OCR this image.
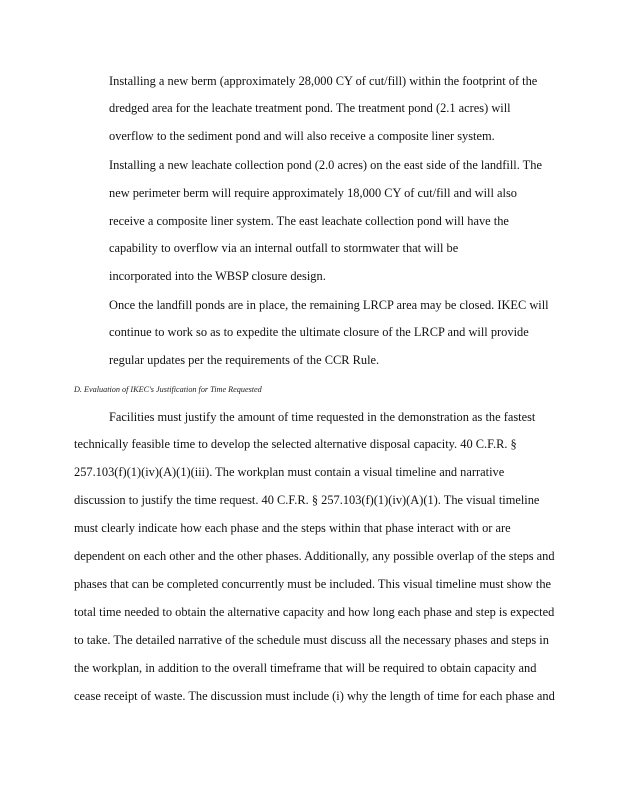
Installing a new berm (approximately 28,000 CY of cut/fill) within the footprint of the
dredged area for the leachate treatment pond. The treatment pond (2.1 acres) will
overflow to the sediment pond and will also receive a composite liner system.
Installing a new leachate collection pond (2.0 acres) on the east side of the landfill. The
new perimeter berm will require approximately 18,000 CY of cut/fill and will also
receive a composite liner system. The east leachate collection pond will have the
capability to overflow via an internal outfall to stormwater that will be
incorporated into the WBSP closure design.
Once the landfill ponds are in place, the remaining LRCP area may be closed. IKEC will
continue to work so as to expedite the ultimate closure of the LRCP and will provide
regular updates per the requirements of the CCR Rule.
D. Evaluation of IKEC's Justification for Time Requested
Facilities must justify the amount of time requested in the demonstration as the fastest
technically feasible time to develop the selected alternative disposal capacity. 40 C.F.R. §
257.103(f)(1)(iv)(A)(1)(iii). The workplan must contain a visual timeline and narrative
discussion to justify the time request. 40 C.F.R. § 257.103(f)(1)(iv)(A)(1). The visual timeline
must clearly indicate how each phase and the steps within that phase interact with or are
dependent on each other and the other phases. Additionally, any possible overlap of the steps and
phases that can be completed concurrently must be included. This visual timeline must show the
total time needed to obtain the alternative capacity and how long each phase and step is expected
to take. The detailed narrative of the schedule must discuss all the necessary phases and steps in
the workplan, in addition to the overall timeframe that will be required to obtain capacity and
cease receipt of waste. The discussion must include (i) why the length of time for each phase and
